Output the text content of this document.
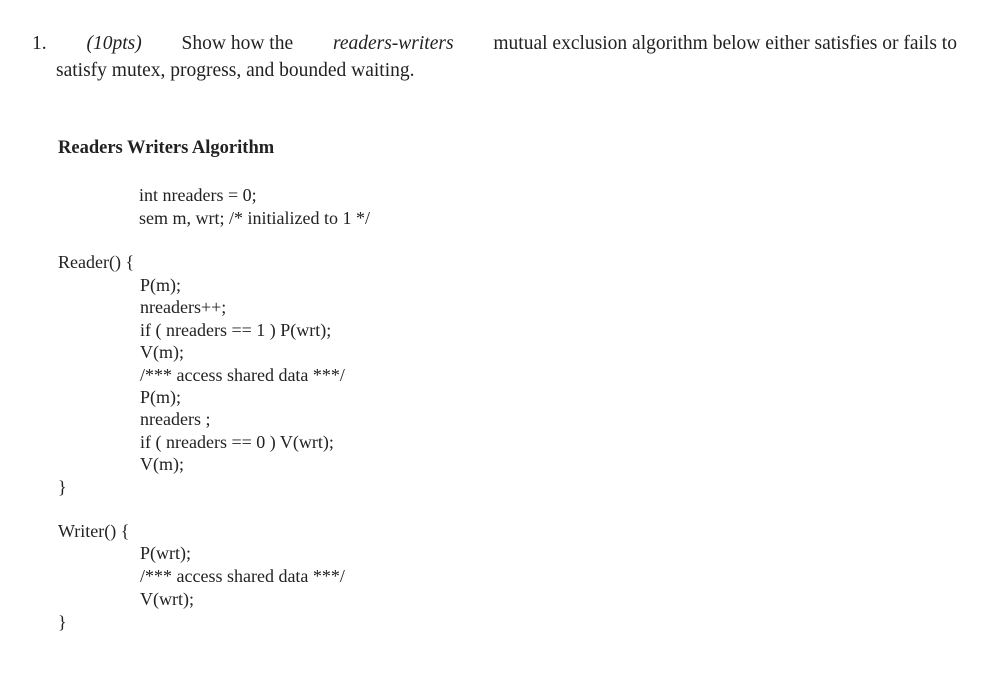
1. (10pts) Show how the readers-writers mutual exclusion algorithm below either satisfies or fails to
satisfy mutex, progress, and bounded waiting.
Readers Writers Algorithm
int nreaders = 0;
sem m, wrt; /* initialized to 1 */
Reader() {
P(m);
nreaders++;
if ( nreaders == 1 ) P(wrt);
V(m);
/*** access shared data ***/
P(m);
nreaders ;
if ( nreaders == 0 ) V(wrt);
V(m);
}
Writer() {
P(wrt);
/*** access shared data ***/
V(wrt);
}
